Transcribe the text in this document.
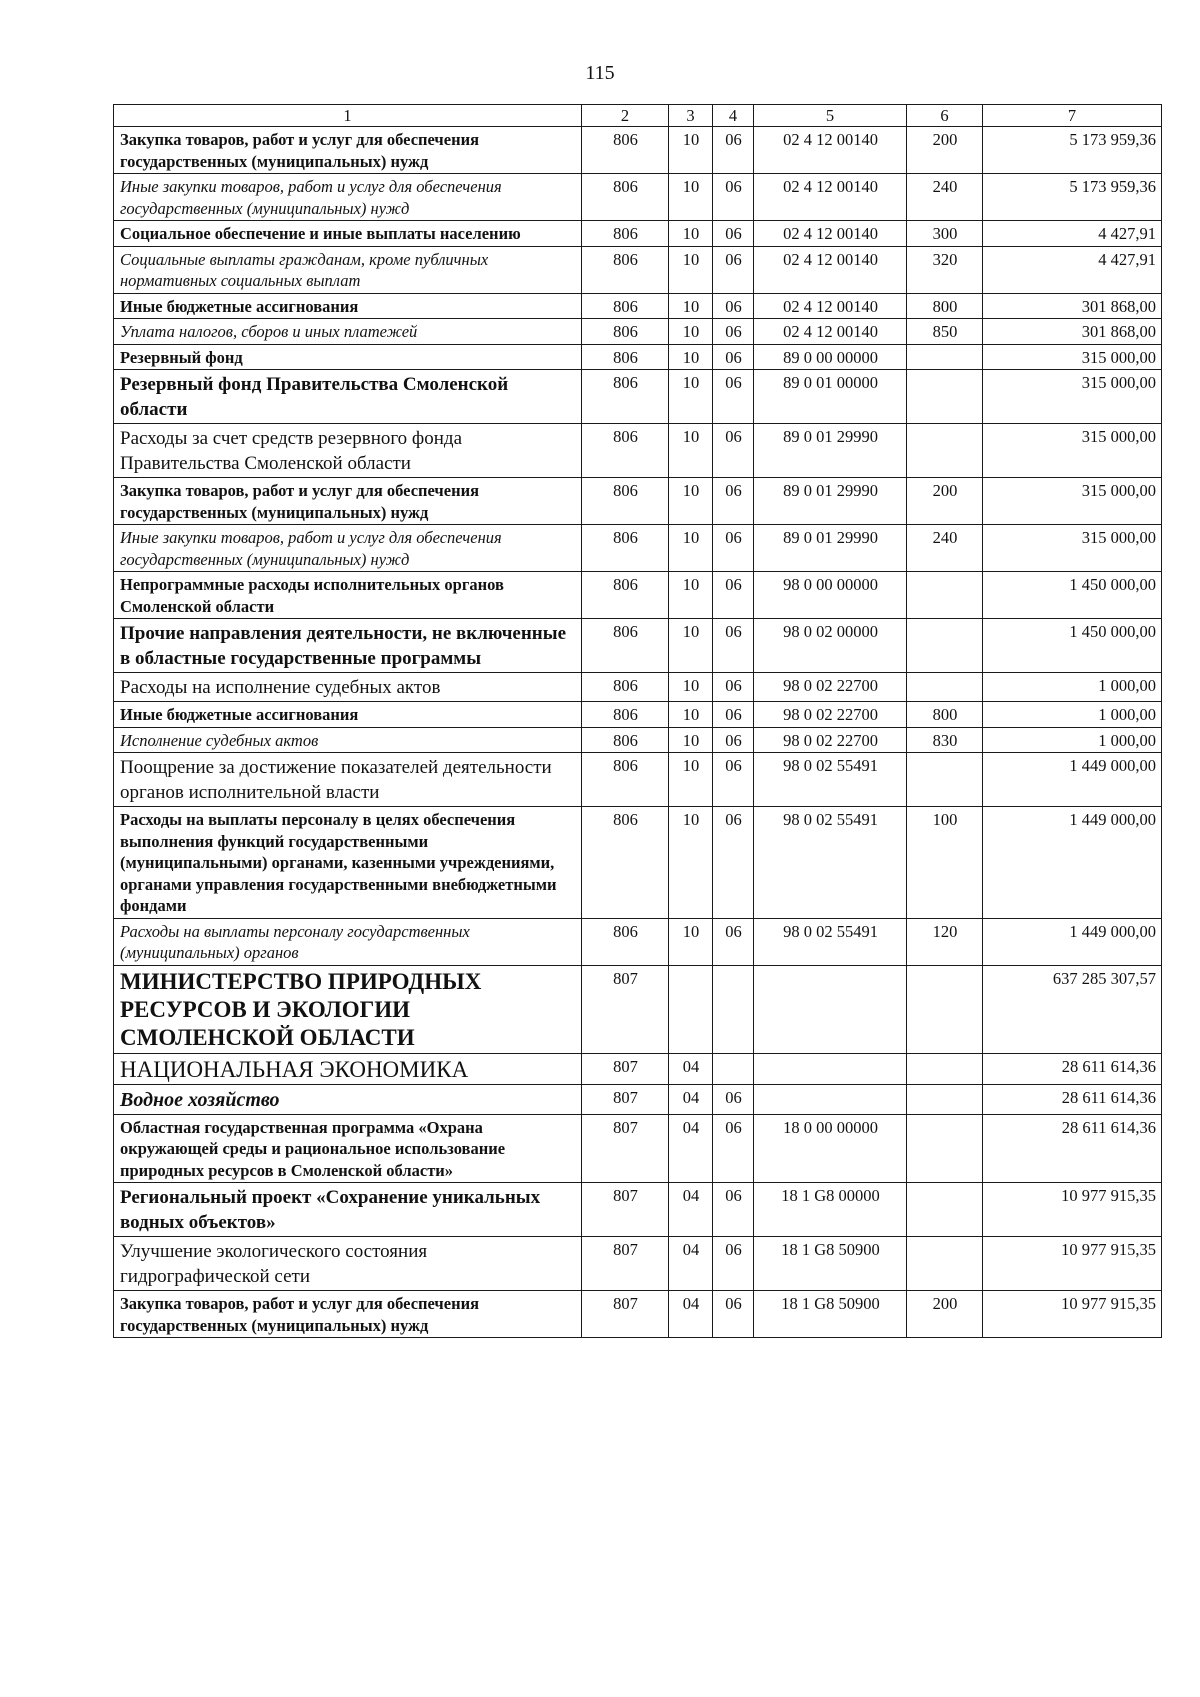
115
1	2	3	4	5	6	7
Закупка товаров, работ и услуг для обеспечения государственных (муниципальных) нужд	806	10	06	02 4 12 00140	200	5 173 959,36
Иные закупки товаров, работ и услуг для обеспечения государственных (муниципальных) нужд	806	10	06	02 4 12 00140	240	5 173 959,36
Социальное обеспечение и иные выплаты населению	806	10	06	02 4 12 00140	300	4 427,91
Социальные выплаты гражданам, кроме публичных нормативных социальных выплат	806	10	06	02 4 12 00140	320	4 427,91
Иные бюджетные ассигнования	806	10	06	02 4 12 00140	800	301 868,00
Уплата налогов, сборов и иных платежей	806	10	06	02 4 12 00140	850	301 868,00
Резервный фонд	806	10	06	89 0 00 00000		315 000,00
Резервный фонд Правительства Смоленской области	806	10	06	89 0 01 00000		315 000,00
Расходы за счет средств резервного фонда Правительства Смоленской области	806	10	06	89 0 01 29990		315 000,00
Закупка товаров, работ и услуг для обеспечения государственных (муниципальных) нужд	806	10	06	89 0 01 29990	200	315 000,00
Иные закупки товаров, работ и услуг для обеспечения государственных (муниципальных) нужд	806	10	06	89 0 01 29990	240	315 000,00
Непрограммные расходы исполнительных органов Смоленской области	806	10	06	98 0 00 00000		1 450 000,00
Прочие направления деятельности, не включенные в областные государственные программы	806	10	06	98 0 02 00000		1 450 000,00
Расходы на исполнение судебных актов	806	10	06	98 0 02 22700		1 000,00
Иные бюджетные ассигнования	806	10	06	98 0 02 22700	800	1 000,00
Исполнение судебных актов	806	10	06	98 0 02 22700	830	1 000,00
Поощрение за достижение показателей деятельности органов исполнительной власти	806	10	06	98 0 02 55491		1 449 000,00
Расходы на выплаты персоналу в целях обеспечения выполнения функций государственными (муниципальными) органами, казенными учреждениями, органами управления государственными внебюджетными фондами	806	10	06	98 0 02 55491	100	1 449 000,00
Расходы на выплаты персоналу государственных (муниципальных) органов	806	10	06	98 0 02 55491	120	1 449 000,00
МИНИСТЕРСТВО ПРИРОДНЫХ РЕСУРСОВ И ЭКОЛОГИИ СМОЛЕНСКОЙ ОБЛАСТИ	807					637 285 307,57
НАЦИОНАЛЬНАЯ ЭКОНОМИКА	807	04				28 611 614,36
Водное хозяйство	807	04	06			28 611 614,36
Областная государственная программа «Охрана окружающей среды и рациональное использование природных ресурсов в Смоленской области»	807	04	06	18 0 00 00000		28 611 614,36
Региональный проект «Сохранение уникальных водных объектов»	807	04	06	18 1 G8 00000		10 977 915,35
Улучшение экологического состояния гидрографической сети	807	04	06	18 1 G8 50900		10 977 915,35
Закупка товаров, работ и услуг для обеспечения государственных (муниципальных) нужд	807	04	06	18 1 G8 50900	200	10 977 915,35
